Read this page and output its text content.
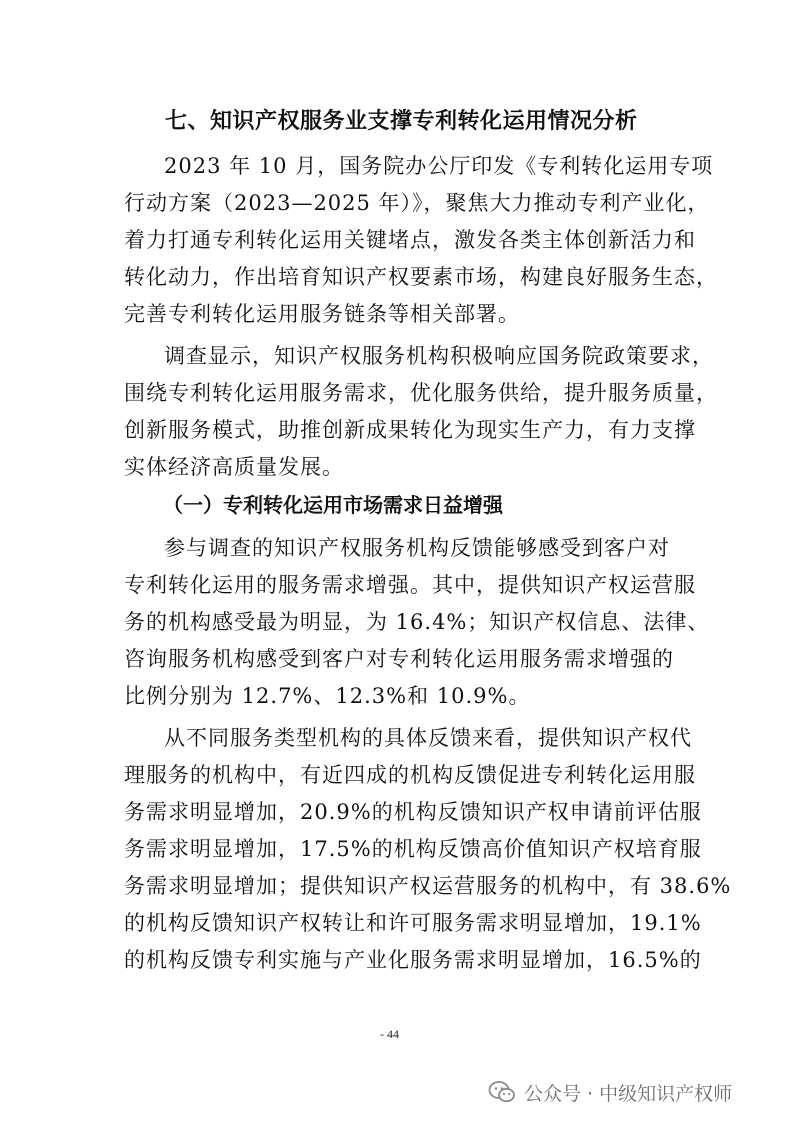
七、知识产权服务业支撑专利转化运用情况分析
2023 年 10 月，国务院办公厅印发《专利转化运用专项
行动方案（2023—2025 年）》，聚焦大力推动专利产业化，
着力打通专利转化运用关键堵点，激发各类主体创新活力和
转化动力，作出培育知识产权要素市场，构建良好服务生态，
完善专利转化运用服务链条等相关部署。
调查显示，知识产权服务机构积极响应国务院政策要求，
围绕专利转化运用服务需求，优化服务供给，提升服务质量，
创新服务模式，助推创新成果转化为现实生产力，有力支撑
实体经济高质量发展。
（一）专利转化运用市场需求日益增强
参与调查的知识产权服务机构反馈能够感受到客户对
专利转化运用的服务需求增强。其中，提供知识产权运营服
务的机构感受最为明显，为 16.4%；知识产权信息、法律、
咨询服务机构感受到客户对专利转化运用服务需求增强的
比例分别为 12.7%、12.3%和 10.9%。
从不同服务类型机构的具体反馈来看，提供知识产权代
理服务的机构中，有近四成的机构反馈促进专利转化运用服
务需求明显增加，20.9%的机构反馈知识产权申请前评估服
务需求明显增加，17.5%的机构反馈高价值知识产权培育服
务需求明显增加；提供知识产权运营服务的机构中，有 38.6%
的机构反馈知识产权转让和许可服务需求明显增加，19.1%
的机构反馈专利实施与产业化服务需求明显增加，16.5%的
- 44
公众号 · 中级知识产权师
